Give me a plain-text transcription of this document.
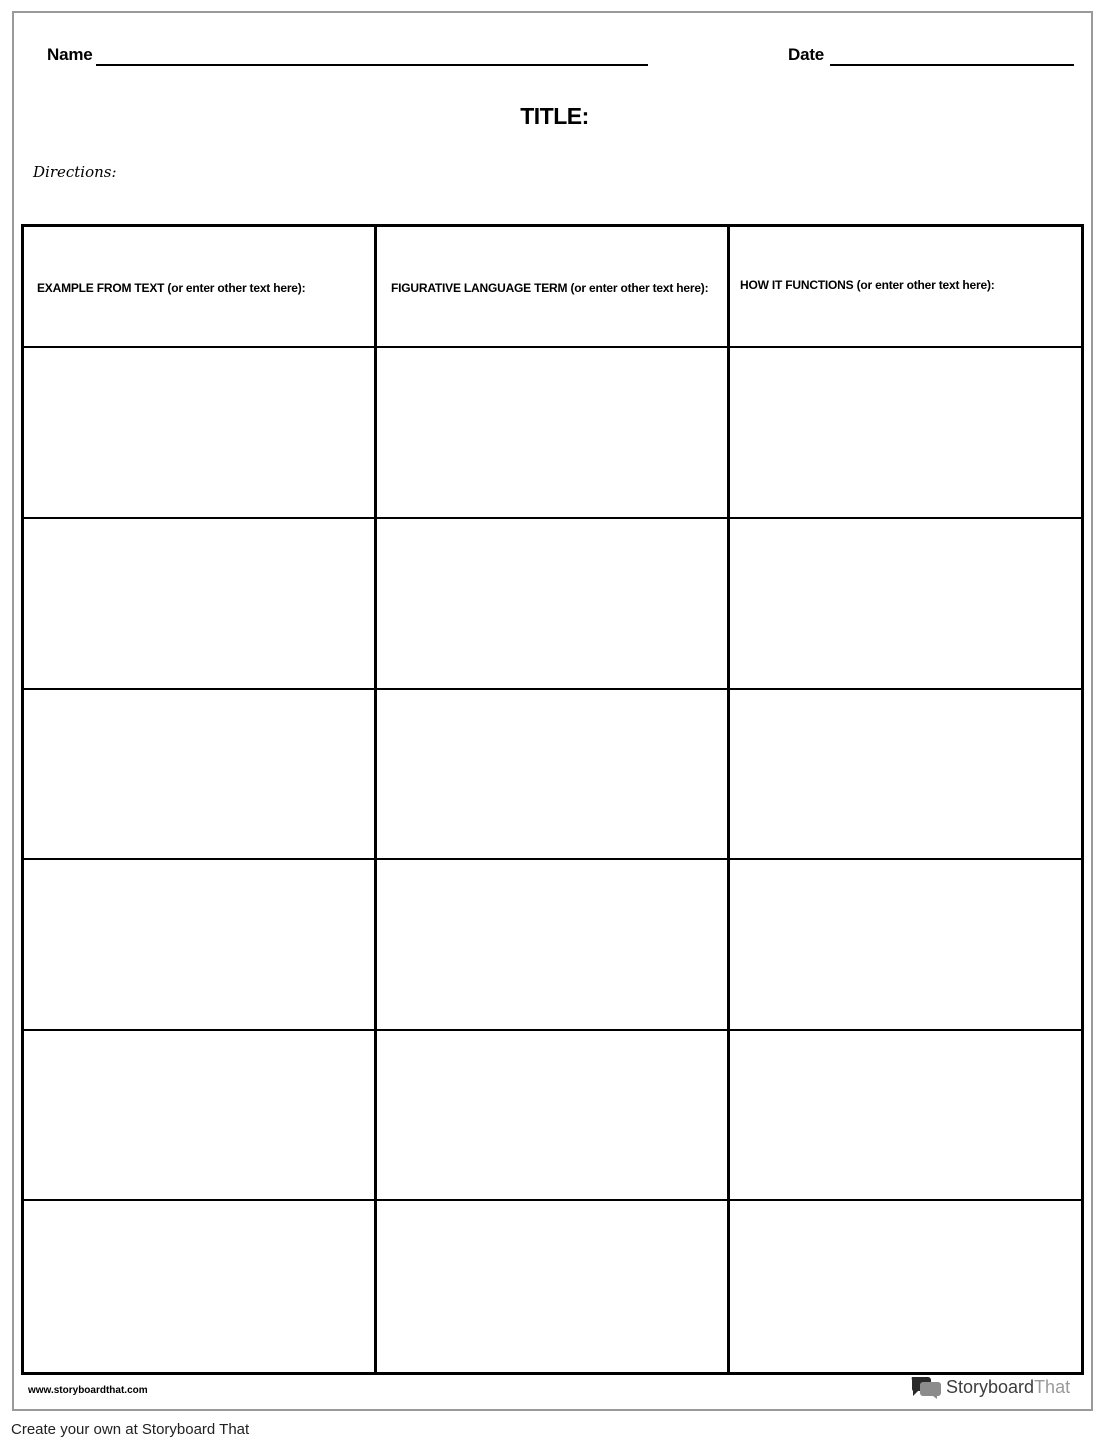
Name	Date
TITLE:
Directions:
EXAMPLE FROM TEXT (or enter other text here):	FIGURATIVE LANGUAGE TERM (or enter other text here):	HOW IT FUNCTIONS (or enter other text here):
www.storyboardthat.com	StoryboardThat
Create your own at Storyboard That
